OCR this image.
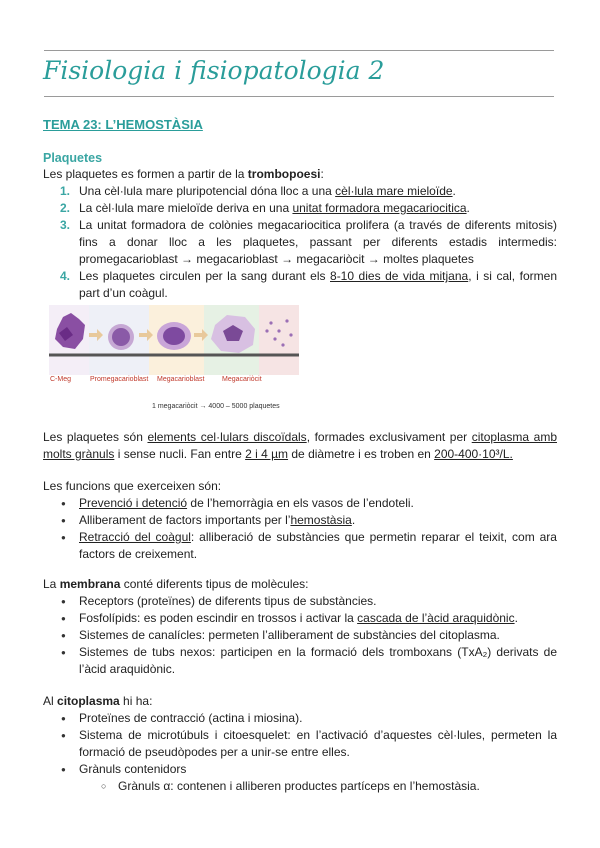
Fisiologia i fisiopatologia 2
TEMA 23: L’HEMOSTÀSIA
Plaquetes

Les plaquetes es formen a partir de la trombopoesi:

1. Una cèl·lula mare pluripotencial dóna lloc a una cèl·lula mare mieloïde.
2. La cèl·lula mare mieloïde deriva en una unitat formadora megacariocitica.
3. La unitat formadora de colònies megacariocitica prolifera (a través de diferents mitosis) fins a donar lloc a les plaquetes, passant per diferents estadis intermedis: promegacarioblast → megacarioblast → megacariòcit → moltes plaquetes
4. Les plaquetes circulen per la sang durant els 8-10 dies de vida mitjana, i si cal, formen part d’un coàgul.
C-Meg	Promegacarioblast Megacarioblast	Megacariòcit
1 megacariòcit → 4000 – 5000 plaquetes

Les plaquetes són elements cel·lulars discoïdals, formades exclusivament per citoplasma amb molts grànuls i sense nucli. Fan entre 2 i 4 µm de diàmetre i es troben en 200-400·10³/L.

Les funcions que exerceixen són:

● Prevenció i detenció de l’hemorràgia en els vasos de l’endoteli.
● Alliberament de factors importants per l’hemostàsia.
● Retracció del coàgul: alliberació de substàncies que permetin reparar el teixit, com ara factors de creixement.

La membrana conté diferents tipus de molècules:

● Receptors (proteïnes) de diferents tipus de substàncies.
● Fosfolípids: es poden escindir en trossos i activar la cascada de l’àcid araquidònic.
● Sistemes de canalícles: permeten l’alliberament de substàncies del citoplasma.
● Sistemes de tubs nexos: participen en la formació dels tromboxans (TxA₂) derivats de l’àcid araquidònic.

Al citoplasma hi ha:

● Proteïnes de contracció (actina i miosina).
● Sistema de microtúbuls i citoesquelet: en l’activació d’aquestes cèl·lules, permeten la formació de pseudòpodes per a unir-se entre elles.
● Grànuls contenidors
○ Grànuls α: contenen i alliberen productes partíceps en l’hemostàsia.
